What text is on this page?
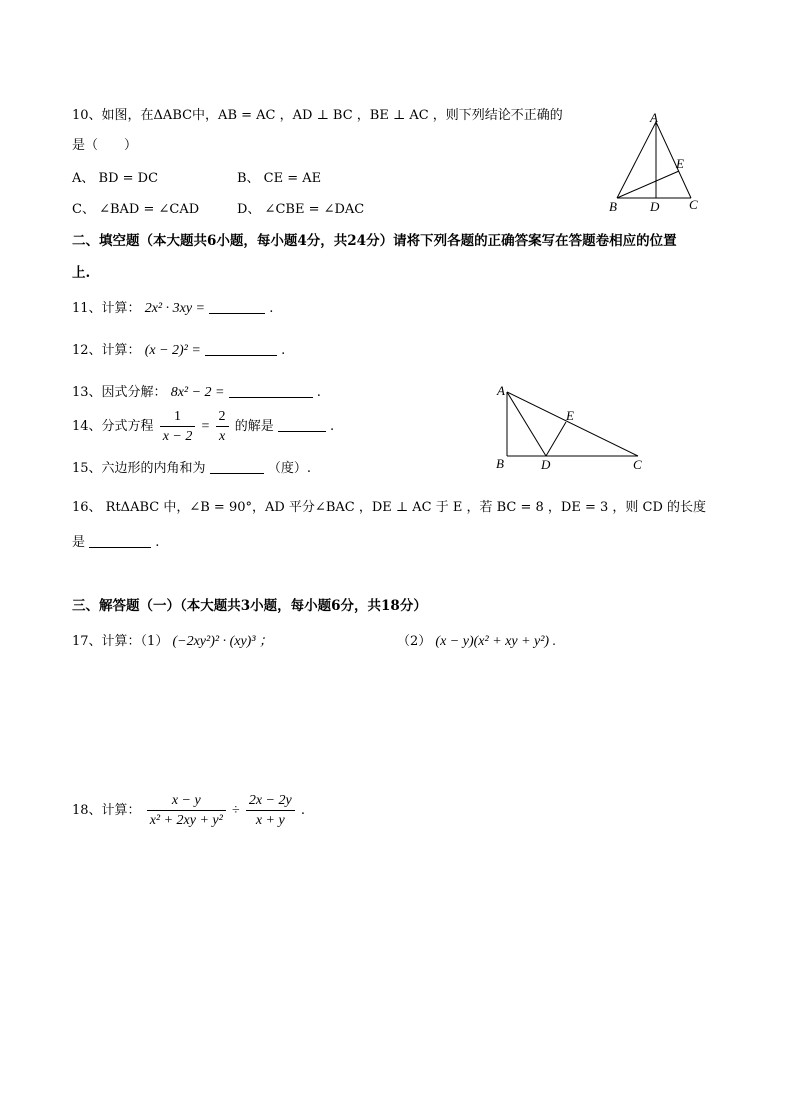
10、如图，在ΔABC中，AB = AC ，AD ⊥ BC ，BE ⊥ AC ，则下列结论不正确的
是（　　）
A、 BD = DC	B、 CE = AE
C、 ∠BAD = ∠CAD	D、 ∠CBE = ∠DAC
A
E
B	D C
二、填空题（本大题共6小题，每小题4分，共24分）请将下列各题的正确答案写在答题卷相应的位置
上.
11、计算： 2x² · 3xy =	.
12、计算： (x − 2)² =	.
13、因式分解： 8x² − 2 =	.
14、分式方程 $\frac{1}{x - 2} = \frac{2}{x}$ 的解是	.
15、六边形的内角和为	（度）.
A
E
B	D	C
16、 RtΔABC 中，∠B = 90°，AD 平分∠BAC ，DE ⊥ AC 于 E ，若 BC = 8 ，DE = 3 ，则 CD 的长度
是	.
三、解答题（一）（本大题共3小题，每小题6分，共18分）
17、计算：（1） (−2xy²)² · (xy)³ ；	（2） (x − y)(x² + xy + y²) .
18、计算： $\frac{x - y}{\text{x² + 2xy + y²}} \div \frac{2x - 2y}{x + y}$ .
